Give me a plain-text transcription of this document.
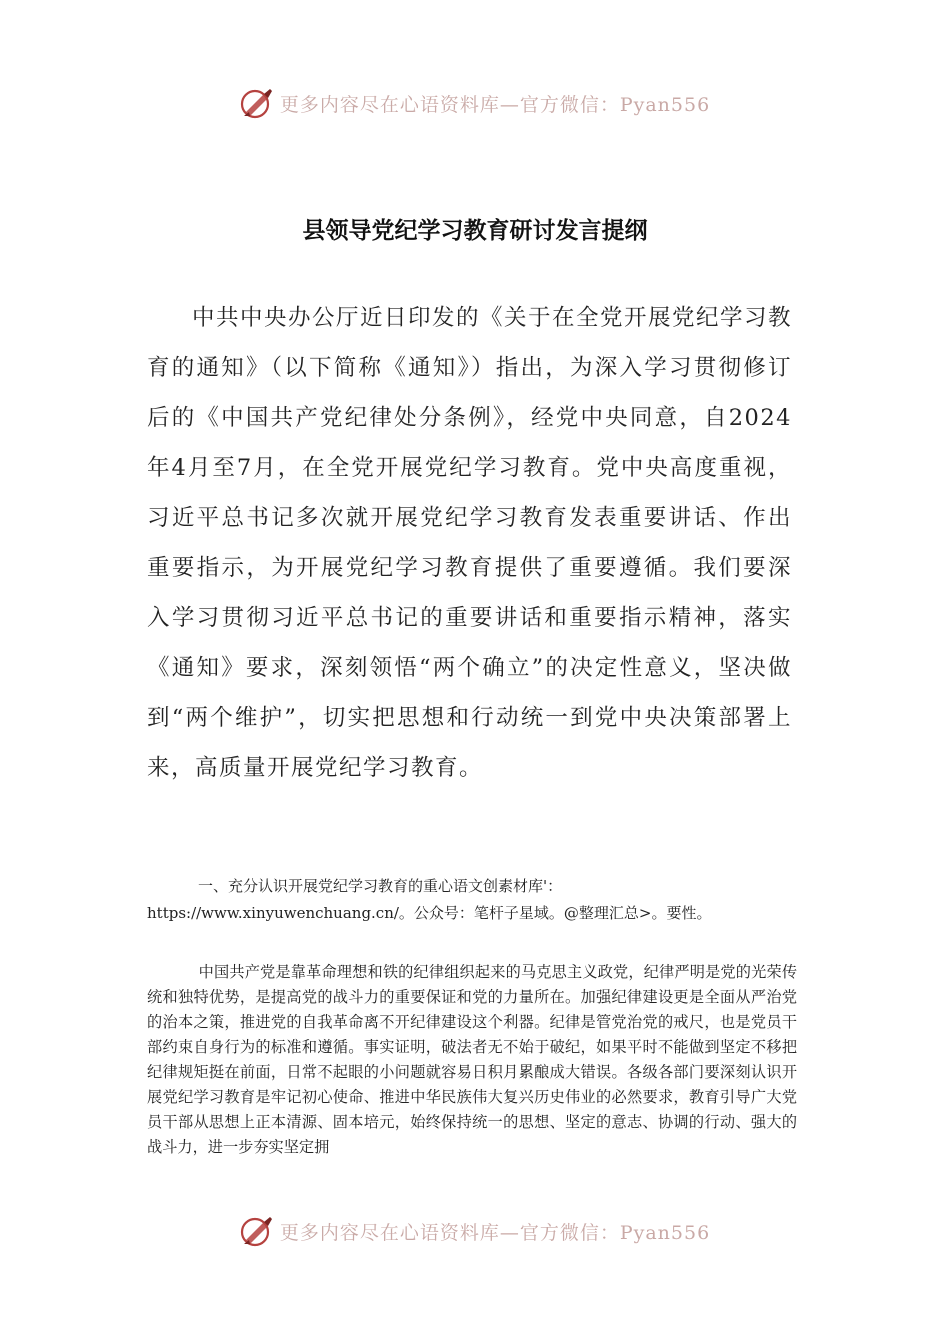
更多内容尽在心语资料库—官方微信：Pyan556
县领导党纪学习教育研讨发言提纲

中共中央办公厅近日印发的《关于在全党开展党纪学习教育的通知》（以下简称《通知》）指出，为深入学习贯彻修订后的《中国共产党纪律处分条例》，经党中央同意，自2024年4月至7月，在全党开展党纪学习教育。党中央高度重视，习近平总书记多次就开展党纪学习教育发表重要讲话、作出重要指示，为开展党纪学习教育提供了重要遵循。我们要深入学习贯彻习近平总书记的重要讲话和重要指示精神，落实《通知》要求，深刻领悟“两个确立”的决定性意义，坚决做到“两个维护”，切实把思想和行动统一到党中央决策部署上来，高质量开展党纪学习教育。

一、充分认识开展党纪学习教育的重心语文创素材库'：https://www.xinyuwenchuang.cn/。公众号：笔杆子星域。@整理汇总>。要性。

中国共产党是靠革命理想和铁的纪律组织起来的马克思主义政党，纪律严明是党的光荣传统和独特优势，是提高党的战斗力的重要保证和党的力量所在。加强纪律建设更是全面从严治党的治本之策，推进党的自我革命离不开纪律建设这个利器。纪律是管党治党的戒尺，也是党员干部约束自身行为的标准和遵循。事实证明，破法者无不始于破纪，如果平时不能做到坚定不移把纪律规矩挺在前面，日常不起眼的小问题就容易日积月累酿成大错误。各级各部门要深刻认识开展党纪学习教育是牢记初心使命、推进中华民族伟大复兴历史伟业的必然要求，教育引导广大党员干部从思想上正本清源、固本培元，始终保持统一的思想、坚定的意志、协调的行动、强大的战斗力，进一步夯实坚定拥

更多内容尽在心语资料库—官方微信：Pyan556
